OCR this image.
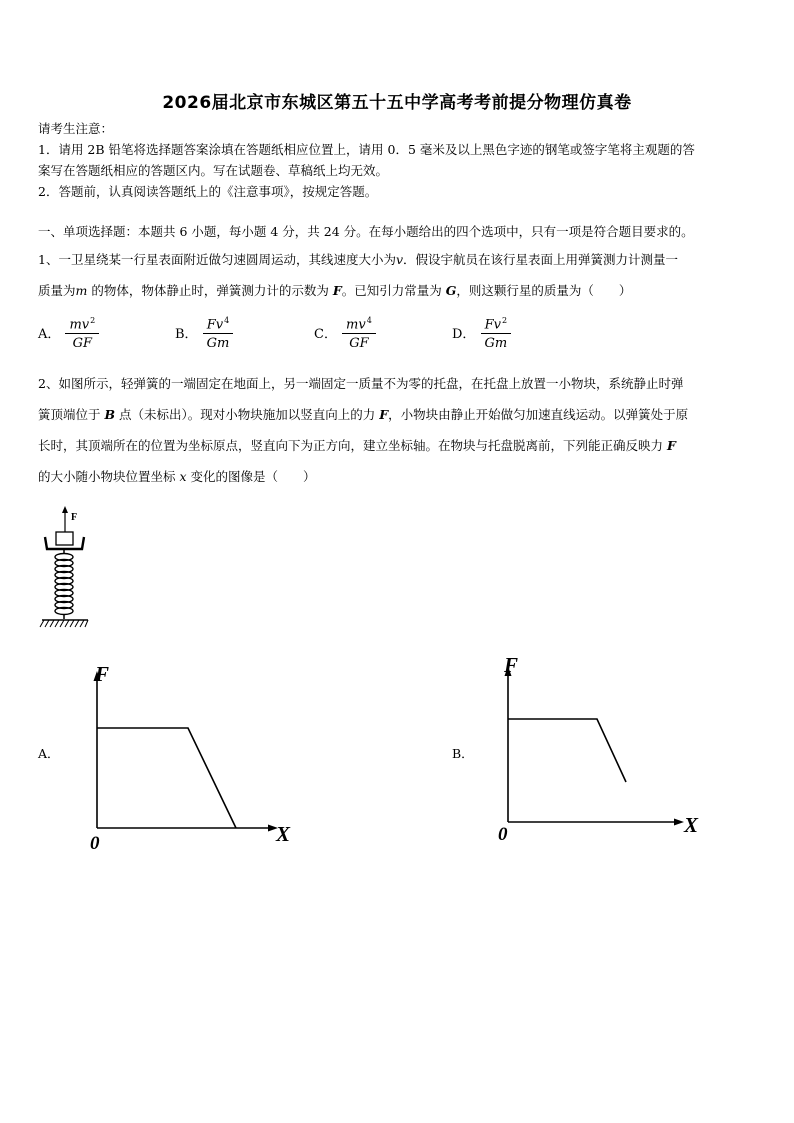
2026届北京市东城区第五十五中学高考考前提分物理仿真卷
请考生注意：
1．请用 2B 铅笔将选择题答案涂填在答题纸相应位置上，请用 0．5 毫米及以上黑色字迹的钢笔或签字笔将主观题的答
案写在答题纸相应的答题区内。写在试题卷、草稿纸上均无效。
2．答题前，认真阅读答题纸上的《注意事项》，按规定答题。
一、单项选择题：本题共 6 小题，每小题 4 分，共 24 分。在每小题给出的四个选项中，只有一项是符合题目要求的。
1、一卫星绕某一行星表面附近做匀速圆周运动，其线速度大小为v．假设宇航员在该行星表面上用弹簧测力计测量一
质量为m 的物体，物体静止时，弹簧测力计的示数为 F。已知引力常量为 G，则这颗行星的质量为（　　）
A． $\frac{mv^2}{GF}$	B． $\frac{Fv^4}{Gm}$	C． $\frac{mv^4}{GF}$	D． $\frac{Fv^2}{Gm}$
2、如图所示，轻弹簧的一端固定在地面上，另一端固定一质量不为零的托盘，在托盘上放置一小物块，系统静止时弹
簧顶端位于 B 点（未标出）。现对小物块施加以竖直向上的力 F，小物块由静止开始做匀加速直线运动。以弹簧处于原
长时，其顶端所在的位置为坐标原点，竖直向下为正方向，建立坐标轴。在物块与托盘脱离前，下列能正确反映力 F
的大小随小物块位置坐标 x 变化的图像是（　　）
F
A．
F
X
0
B．
F
X
0
